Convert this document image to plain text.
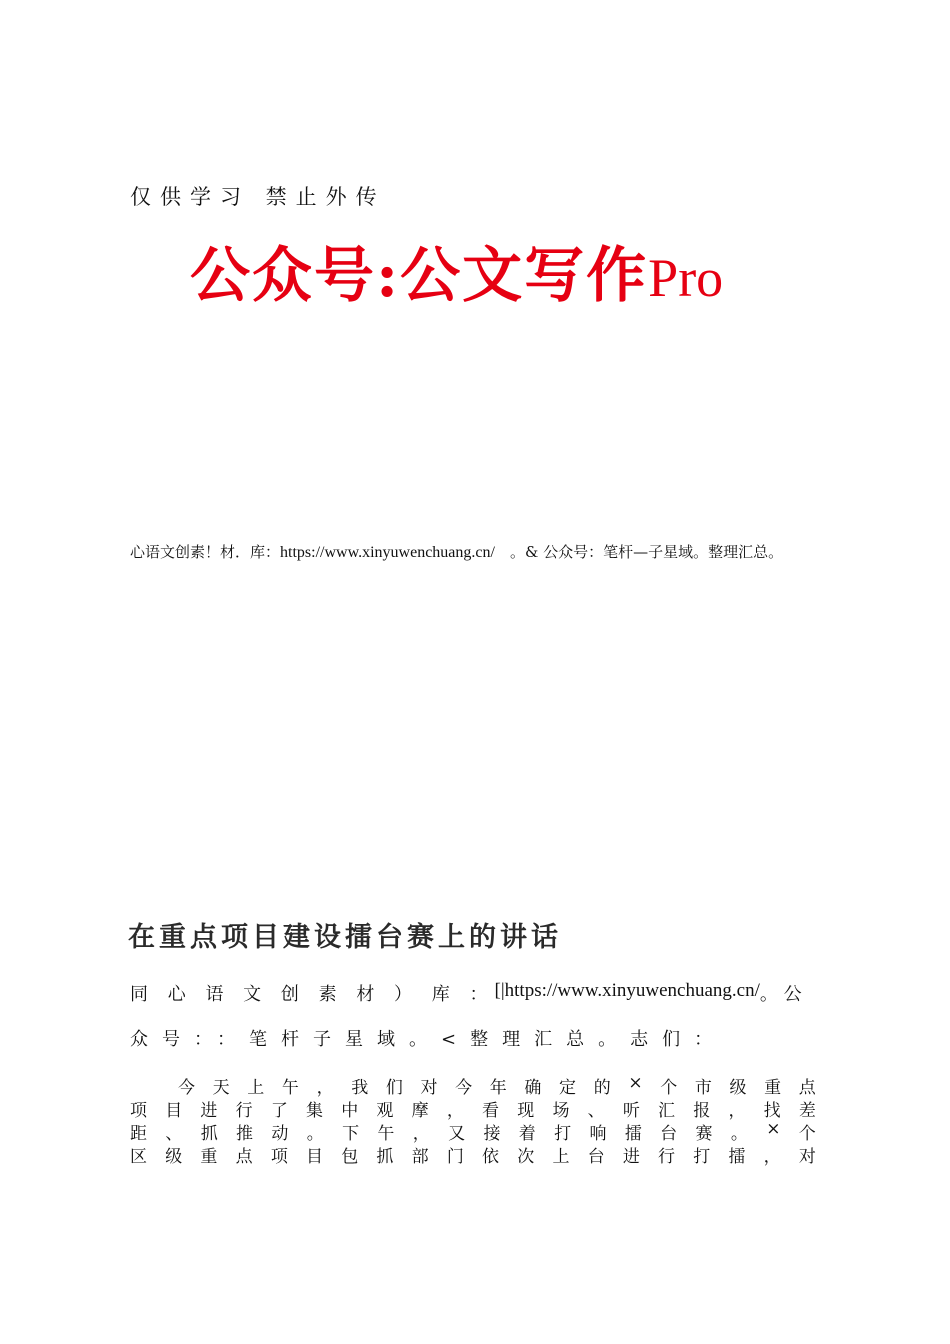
仅供学习 禁止外传
公众号:公文写作Pro
心语文创素！材．库：https://www.xinyuwenchuang.cn/　。& 公众号：笔杆—子星域。整理汇总。
在重点项目建设擂台赛上的讲话
同 心 语 文 创 素 材 ） 库 ： [|https://www.xinyuwenchuang.cn/ 。 公
众号：：笔杆子星域。<整理汇总。志们：
今 天 上 午 ， 我 们 对 今 年 确 定 的 × 个 市 级 重 点
项 目 进 行 了 集 中 观 摩 ， 看 现 场 、 听 汇 报 ， 找 差
距 、 抓 推 动 。 下 午 ， 又 接 着 打 响 擂 台 赛 。 × 个
区 级 重 点 项 目 包 抓 部 门 依 次 上 台 进 行 打 擂 ， 对
